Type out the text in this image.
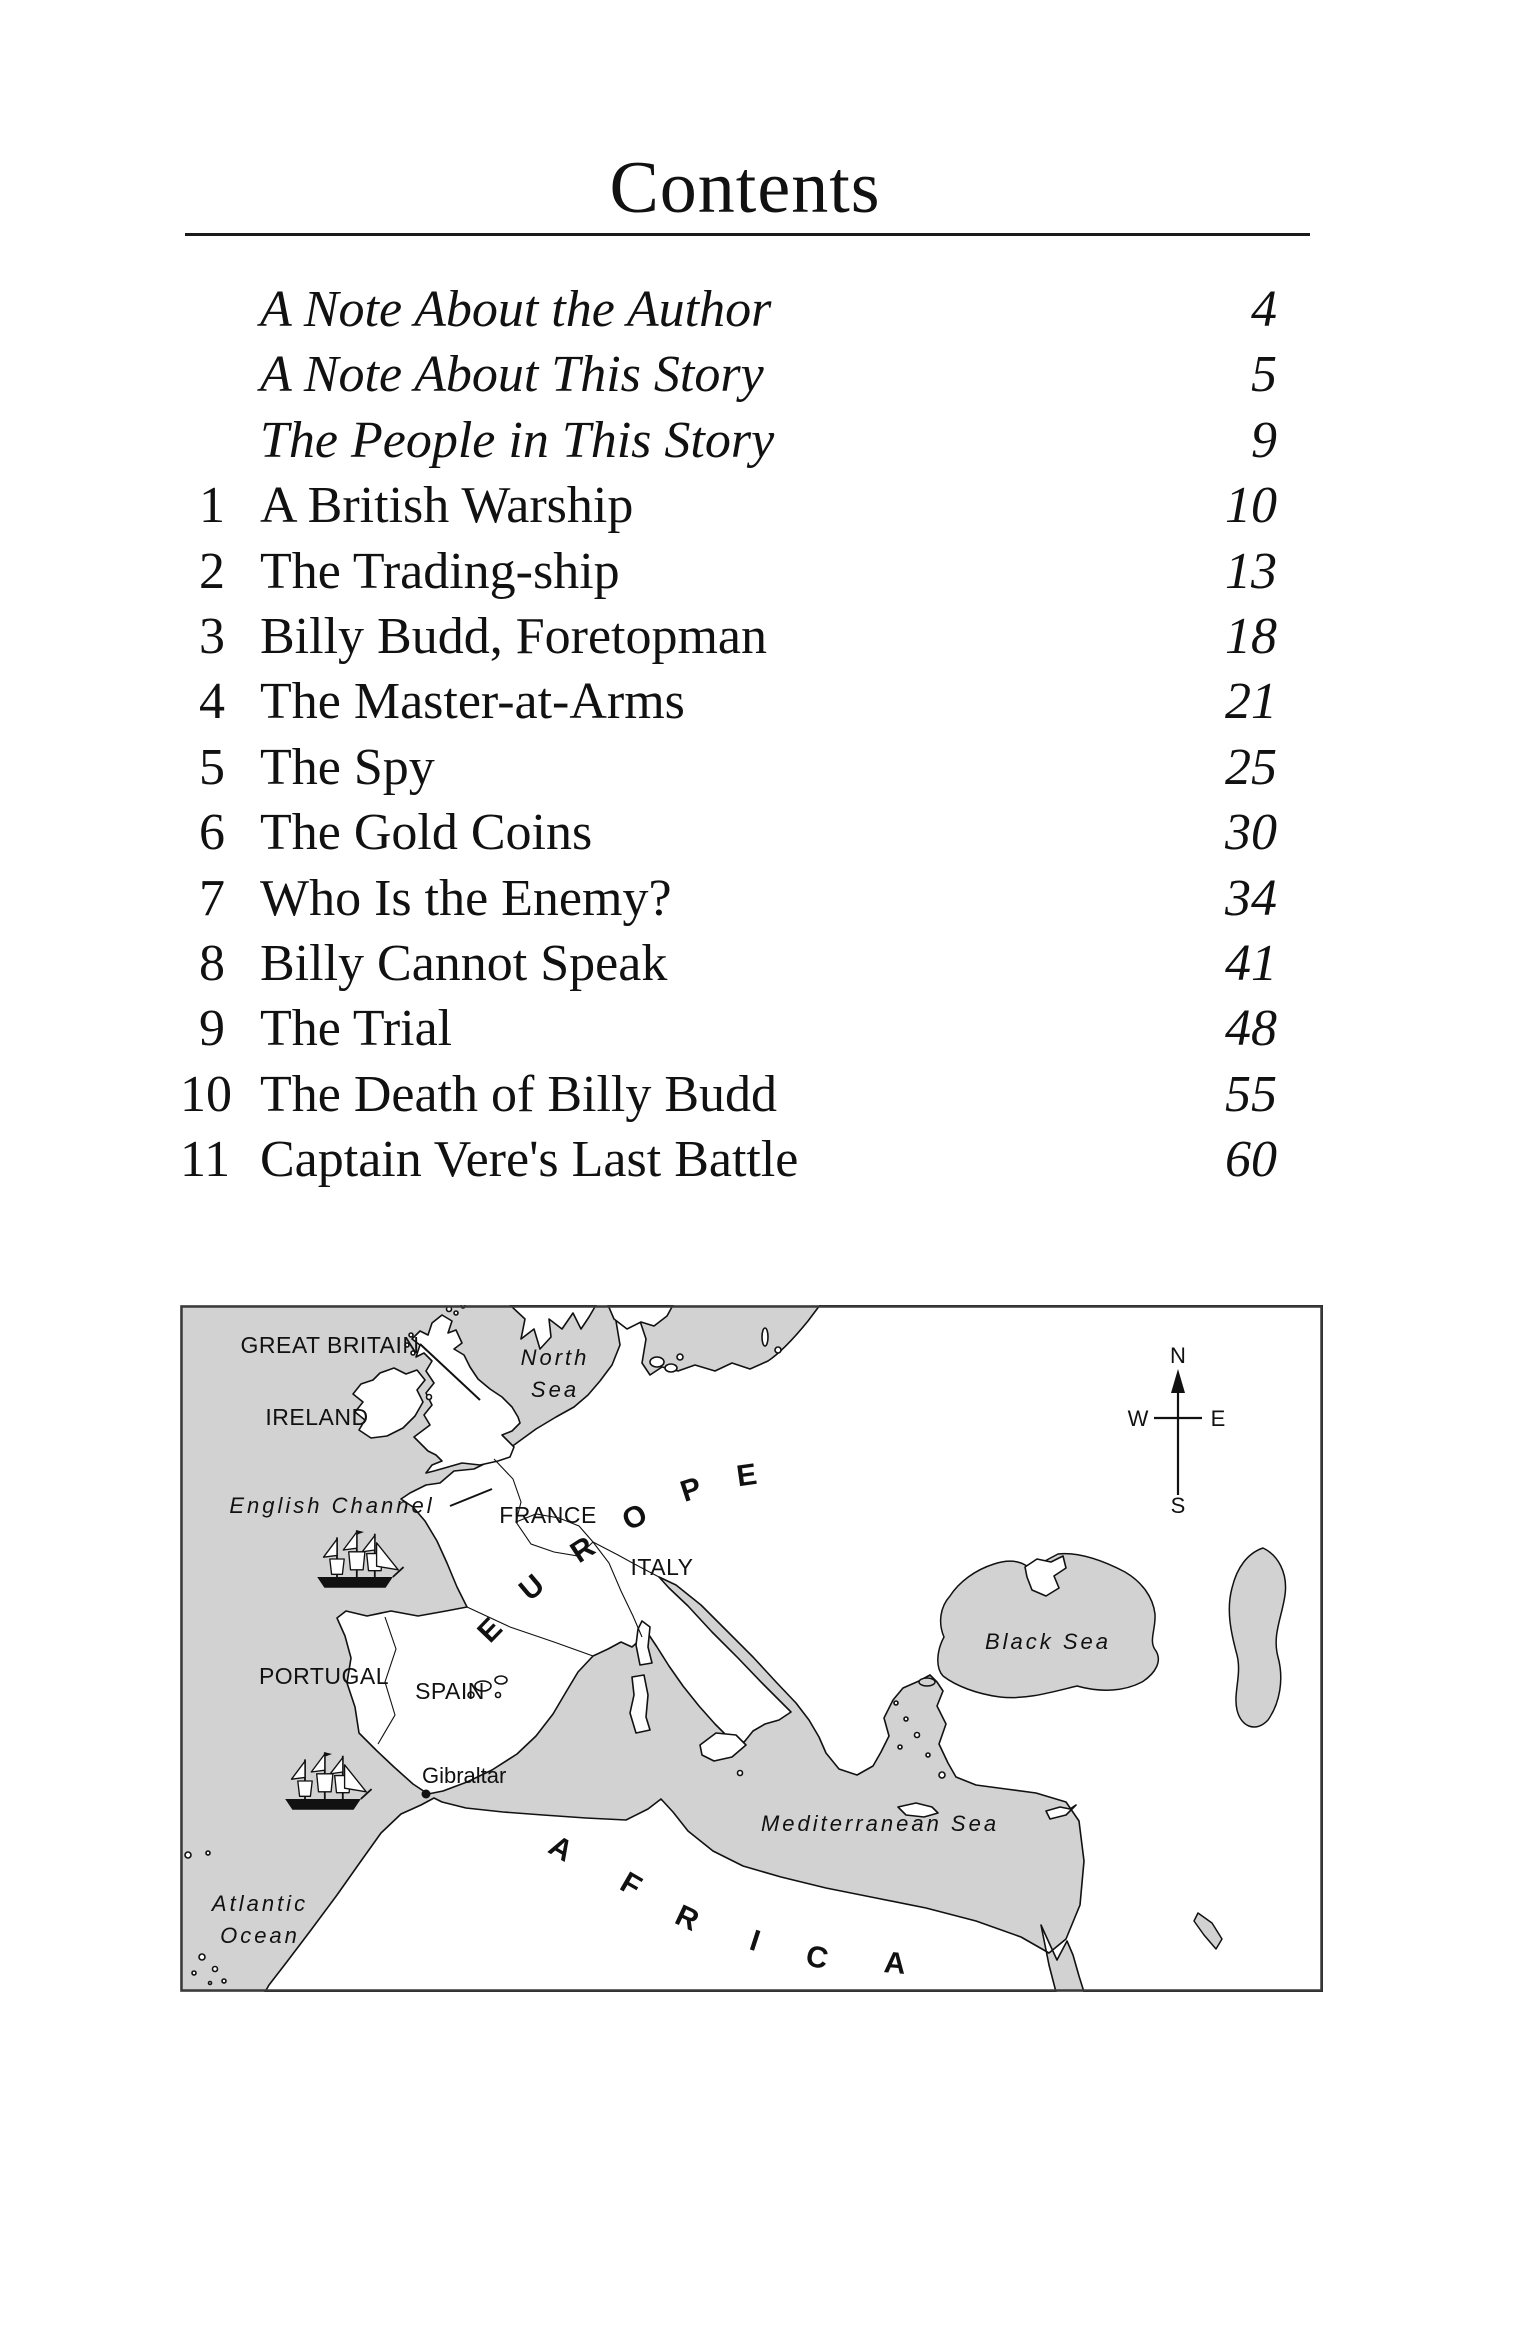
Contents
A Note About the Author	4
A Note About This Story	5
The People in This Story	9
1 A British Warship	10
2 The Trading-ship	13
3 Billy Budd, Foretopman	18
4 The Master-at-Arms	21
5 The Spy	25
6 The Gold Coins	30
7 Who Is the Enemy?	34
8 Billy Cannot Speak	41
9 The Trial	48
10 The Death of Billy Budd	55
11 Captain Vere's Last Battle	60
GREAT BRITAIN
IRELAND
North
Sea
English Channel	FRANCE
ITALY
PORTUGAL
SPAIN
Gibraltar
Atlantic
Ocean
Mediterranean Sea
Black Sea
E
U
R
O
P E
A
F
R
I C A
N
S
W	E
